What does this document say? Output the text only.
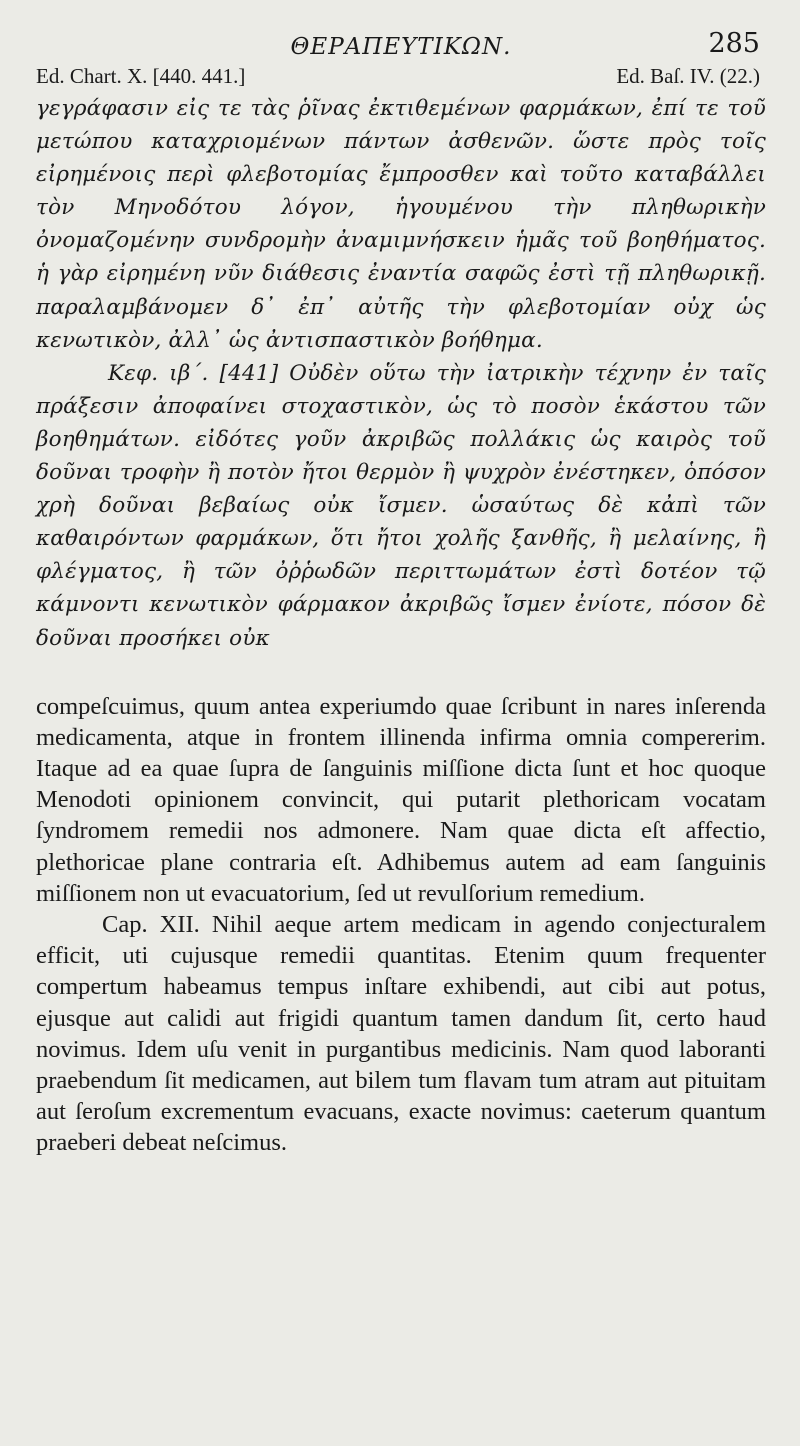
ΘΕΡΑΠΕΥΤΙΚΩΝ.	285
Ed. Chart. X. [440. 441.]	Ed. Baſ. IV. (22.)

γεγράφασιν εἰς τε τὰς ῥῖνας ἐκτιθεμένων φαρμάκων, ἐπί τε τοῦ μετώπου καταχριομένων πάντων ἀσθενῶν. ὥστε πρὸς τοῖς εἰρημένοις περὶ φλεβοτομίας ἔμπροσθεν καὶ τοῦτο καταβάλλει τὸν Μηνοδότου λόγον, ἡγουμένου τὴν πληθωρικὴν ὀνομαζομένην συνδρομὴν ἀναμιμνήσκειν ἡμᾶς τοῦ βοηθήματος. ἡ γὰρ εἰρημένη νῦν διάθεσις ἐναντία σαφῶς ἐστὶ τῇ πληθωρικῇ. παραλαμβάνομεν δ᾽ ἐπ᾽ αὐτῆς τὴν φλεβοτομίαν οὐχ ὡς κενωτικὸν, ἀλλ᾽ ὡς ἀντισπαστικὸν βοήθημα.

Κεφ. ιβ΄. [441] Οὐδὲν οὕτω τὴν ἰατρικὴν τέχνην ἐν ταῖς πράξεσιν ἀποφαίνει στοχαστικὸν, ὡς τὸ ποσὸν ἑκάστου τῶν βοηθημάτων. εἰδότες γοῦν ἀκριβῶς πολλάκις ὡς καιρὸς τοῦ δοῦναι τροφὴν ἢ ποτὸν ἤτοι θερμὸν ἢ ψυχρὸν ἐνέστηκεν, ὁπόσον χρὴ δοῦναι βεβαίως οὐκ ἴσμεν. ὡσαύτως δὲ κἀπὶ τῶν καθαιρόντων φαρμάκων, ὅτι ἤτοι χολῆς ξανθῆς, ἢ μελαίνης, ἢ φλέγματος, ἢ τῶν ὀῤῥωδῶν περιττωμάτων ἐστὶ δοτέον τῷ κάμνοντι κενωτικὸν φάρμακον ἀκριβῶς ἴσμεν ἐνίοτε, πόσον δὲ δοῦναι προσήκει οὐκ

compeſcuimus, quum antea experiumdo quae ſcribunt in nares inſerenda medicamenta, atque in frontem illinenda infirma omnia compererim. Itaque ad ea quae ſupra de ſanguinis miſſione dicta ſunt et hoc quoque Menodoti opinionem convincit, qui putarit plethoricam vocatam ſyndromem remedii nos admonere. Nam quae dicta eſt affectio, plethoricae plane contraria eſt. Adhibemus autem ad eam ſanguinis miſſionem non ut evacuatorium, ſed ut revulſorium remedium.

Cap. XII. Nihil aeque artem medicam in agendo conjecturalem efficit, uti cujusque remedii quantitas. Etenim quum frequenter compertum habeamus tempus inſtare exhibendi, aut cibi aut potus, ejusque aut calidi aut frigidi quantum tamen dandum ſit, certo haud novimus. Idem uſu venit in purgantibus medicinis. Nam quod laboranti praebendum ſit medicamen, aut bilem tum flavam tum atram aut pituitam aut ſeroſum excrementum evacuans, exacte novimus: caeterum quantum praeberi debeat neſcimus.
